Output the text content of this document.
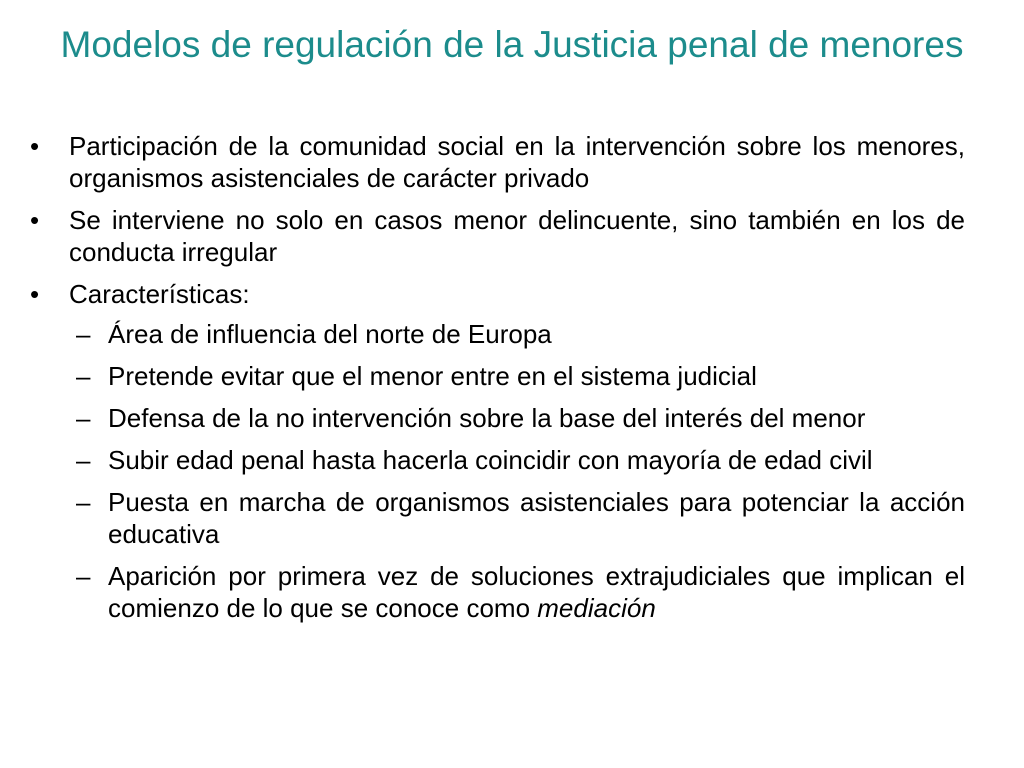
Modelos de regulación de la Justicia penal de menores
•	Participación de la comunidad social en la intervención sobre los menores, organismos asistenciales de carácter privado
•	Se interviene no solo en casos menor delincuente, sino también en los de conducta irregular
•	Características:
– Área de influencia del norte de Europa
– Pretende evitar que el menor entre en el sistema judicial
– Defensa de la no intervención sobre la base del interés del menor
– Subir edad penal hasta hacerla coincidir con mayoría de edad civil
– Puesta en marcha de organismos asistenciales para potenciar la acción educativa
– Aparición por primera vez de soluciones extrajudiciales que implican el comienzo de lo que se conoce como mediación
